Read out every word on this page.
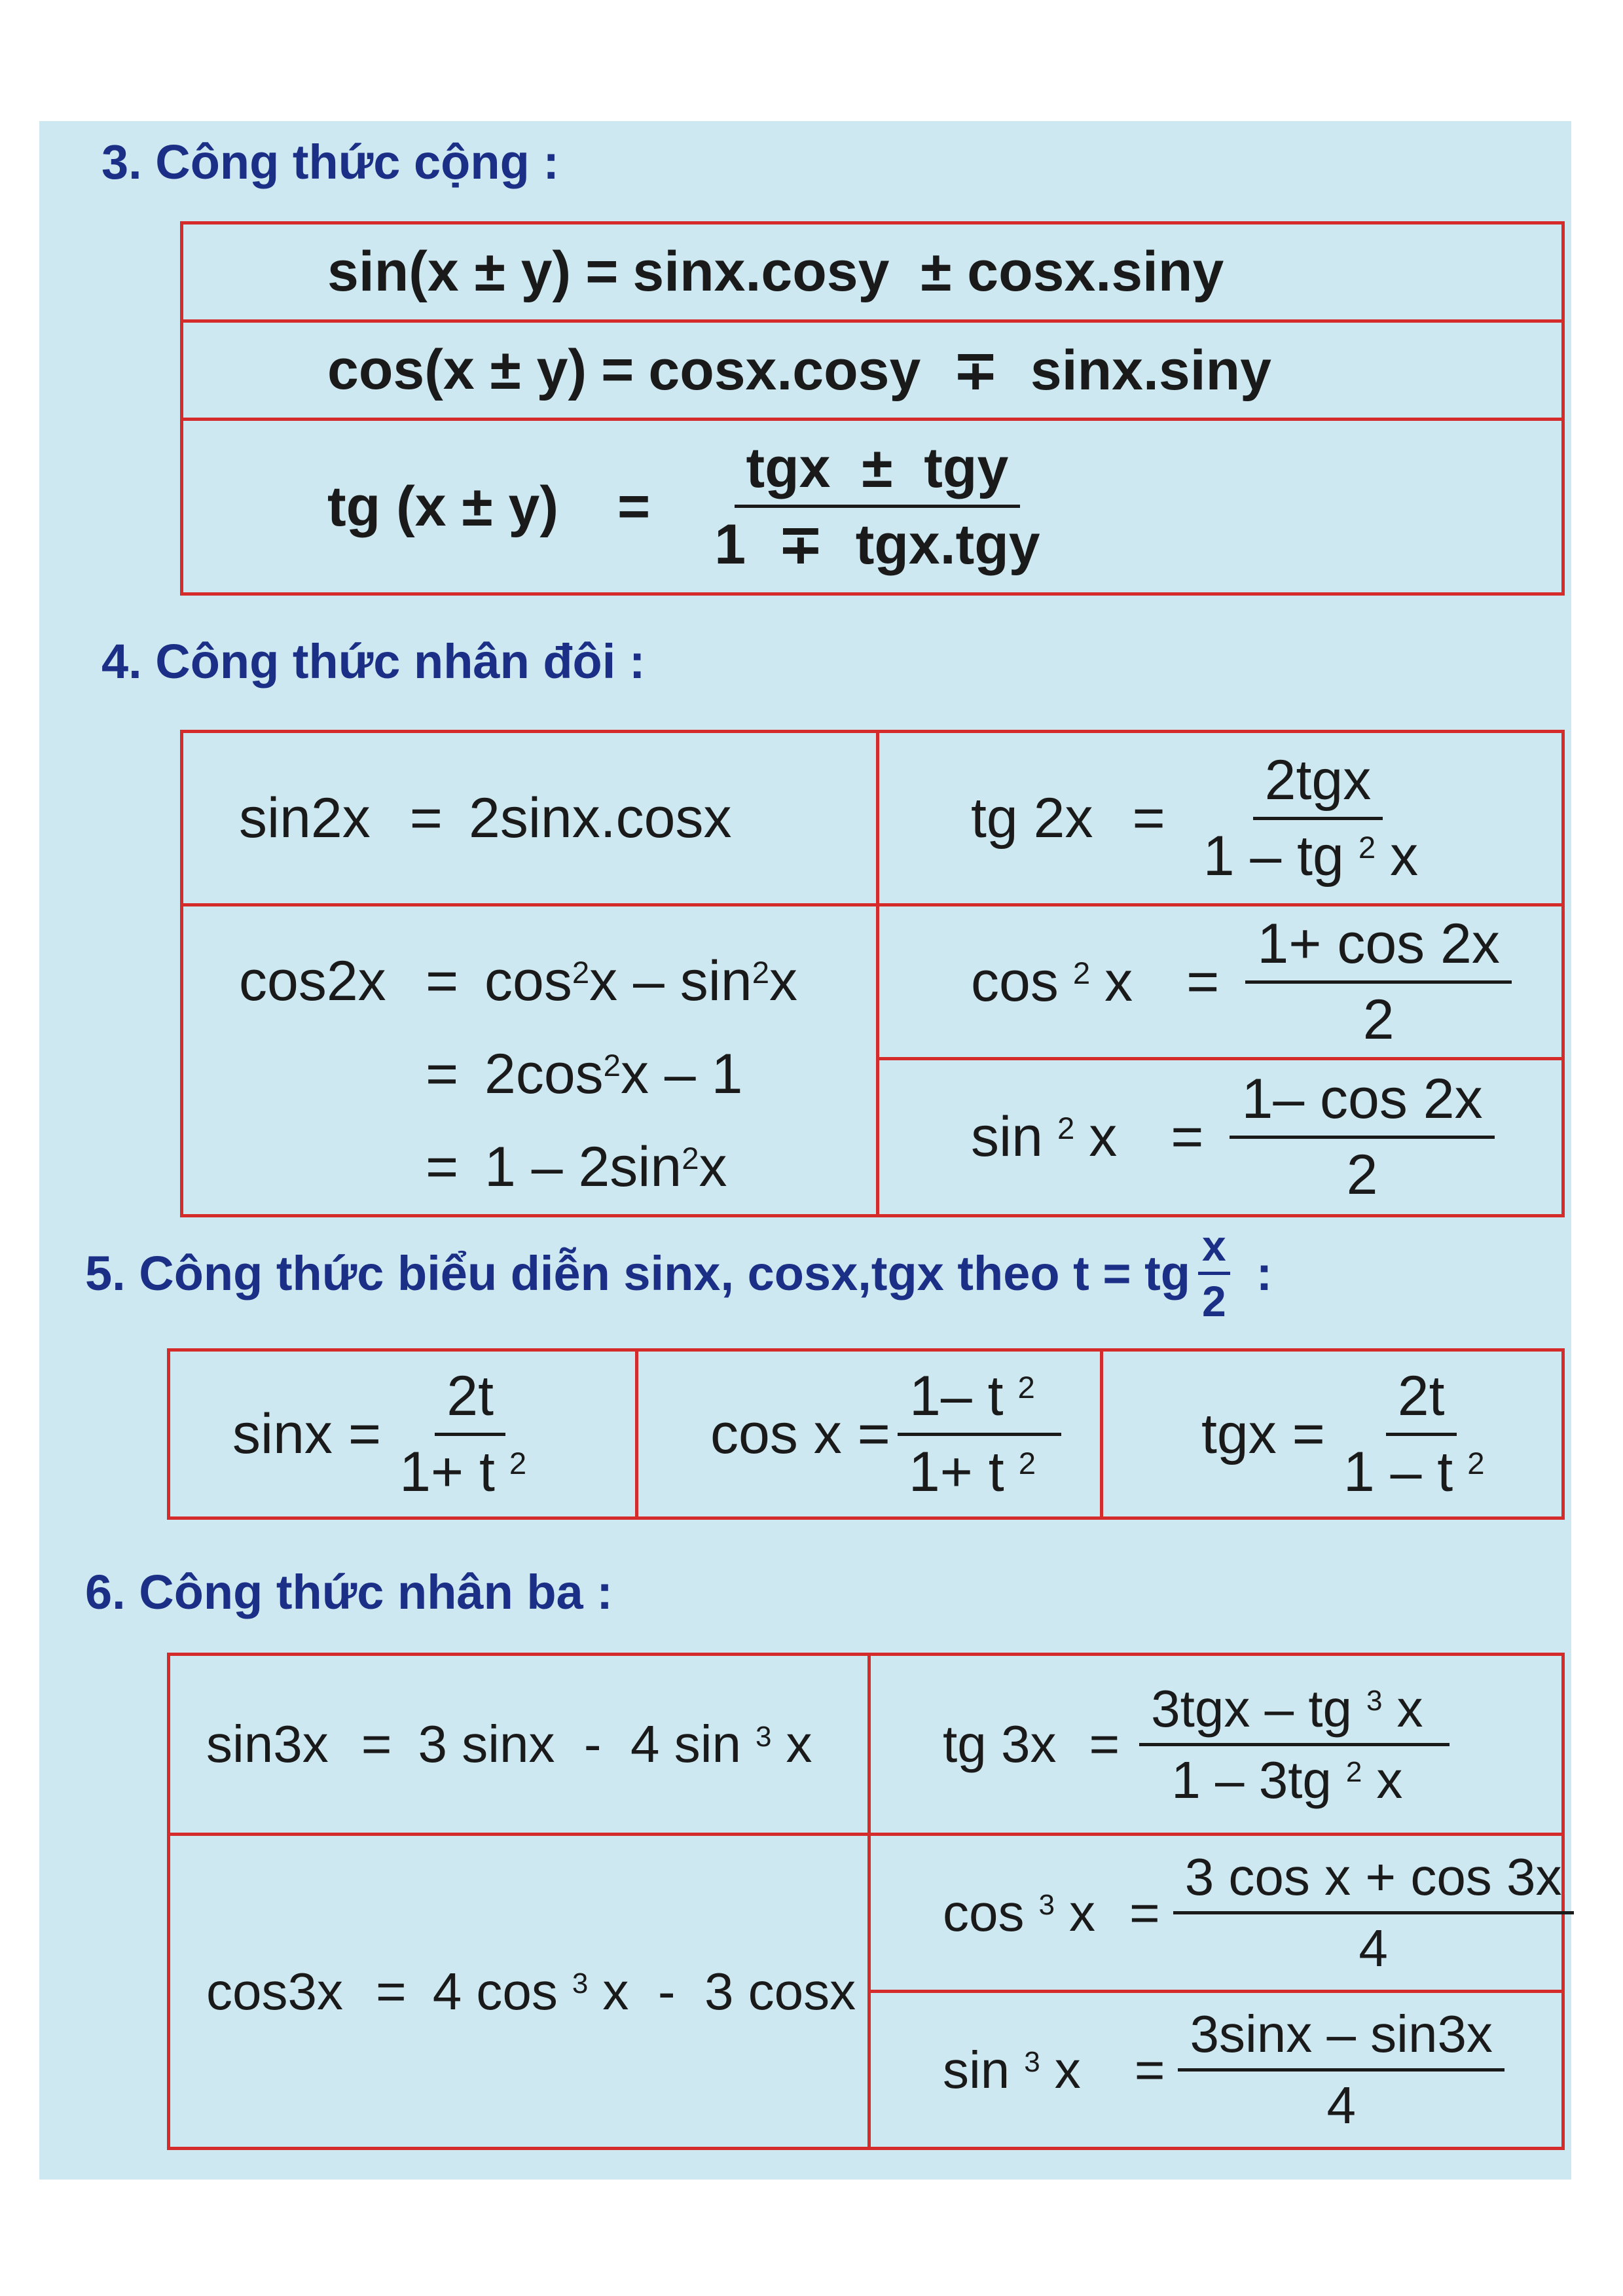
3. Công thức cộng :
sin(x ± y) = sinx.cosy  ± cosx.siny
cos(x ± y) = cosx.cosy  ∓  sinx.siny
tg $(x \pm y) = \frac{\text{tgx  ±  tgy}}{\text{1  ∓  tgx.tgy}}$
4. Công thức nhân đôi :
sin2x = 2sinx.cosx	tg $2x = \frac{\text{2tgx}}{1 - tg ^2 x}$
$\cos 2x = \cos^2x - \sin^2x$
= $2\cos^2x - 1$
= $1 - 2\sin^2x$
cos $^2$ $x = \frac{1+ \cos 2x}{2}$
sin $^2$ $x = \frac{1- \cos 2x}{2}$
5. Công thức biểu diễn sinx, cosx,tgx theo t = tg $\frac{x}{2}$ :
$\sin x = \frac{2t}{1+ t ^2}$	$\cos x = \frac{1- t ^2}{1+ t ^2}$ tgx = $\frac{2t}{1 - t ^2}$
6. Công thức nhân ba :
sin3x = 3 sinx  -  4 sin $^3$ x tg $3x = \frac{3tgx - tg ^3 x}{1 - 3tg ^2 x}$
cos3x = 4 cos $^3$ x  -  3 cosx
cos $^3$ $x = \frac{\text{3 cos x + cos 3x}}{4}$
sin $^3$ $x = \frac{3\sin x - \sin 3x}{4}$
